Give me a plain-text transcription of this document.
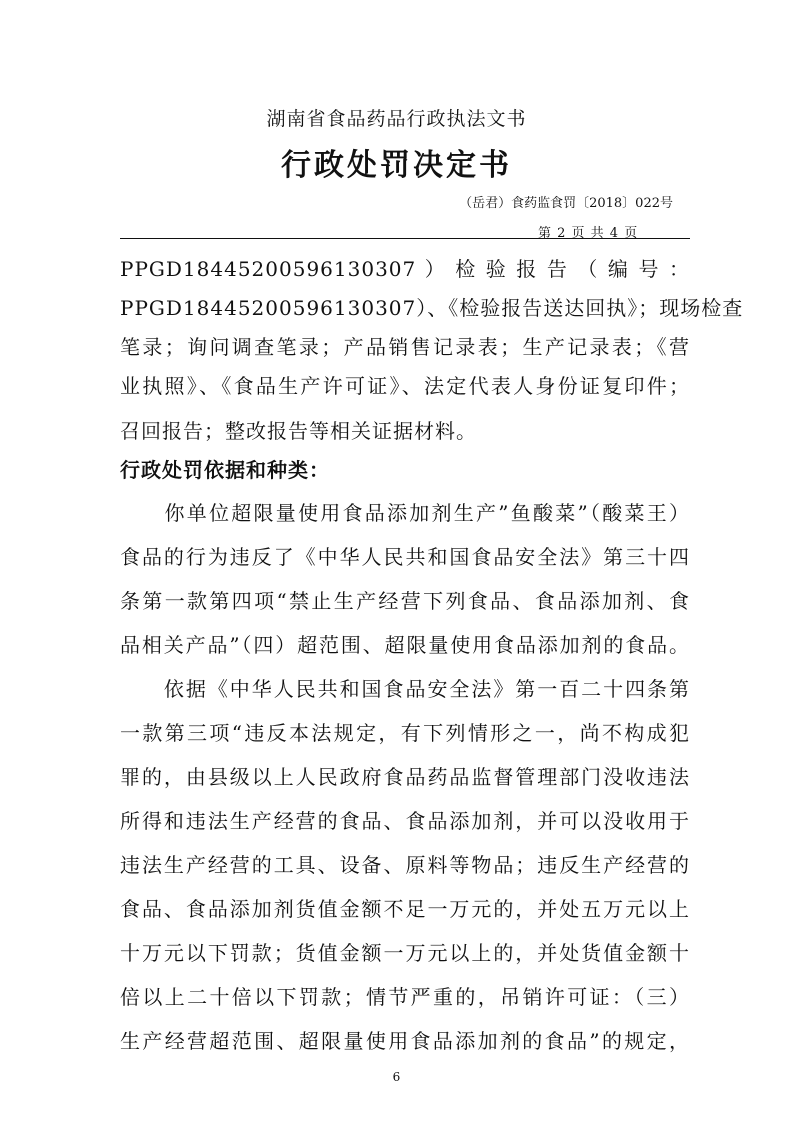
湖南省食品药品行政执法文书
行政处罚决定书
（岳君）食药监食罚〔2018〕022号
第 2 页 共 4 页
PPGD18445200596130307 ） 检 验 报 告 （ 编 号 ：
PPGD18445200596130307）、《检验报告送达回执》；现场检查
笔录；询问调查笔录；产品销售记录表；生产记录表；《营
业执照》、《食品生产许可证》、法定代表人身份证复印件；
召回报告；整改报告等相关证据材料。
行政处罚依据和种类：
　　你单位超限量使用食品添加剂生产”鱼酸菜”（酸菜王）
食品的行为违反了《中华人民共和国食品安全法》第三十四
条第一款第四项“禁止生产经营下列食品、食品添加剂、食
品相关产品”（四）超范围、超限量使用食品添加剂的食品。
　　依据《中华人民共和国食品安全法》第一百二十四条第
一款第三项“违反本法规定，有下列情形之一，尚不构成犯
罪的，由县级以上人民政府食品药品监督管理部门没收违法
所得和违法生产经营的食品、食品添加剂，并可以没收用于
违法生产经营的工具、设备、原料等物品；违反生产经营的
食品、食品添加剂货值金额不足一万元的，并处五万元以上
十万元以下罚款；货值金额一万元以上的，并处货值金额十
倍以上二十倍以下罚款；情节严重的，吊销许可证：（三）
生产经营超范围、超限量使用食品添加剂的食品”的规定，
6
